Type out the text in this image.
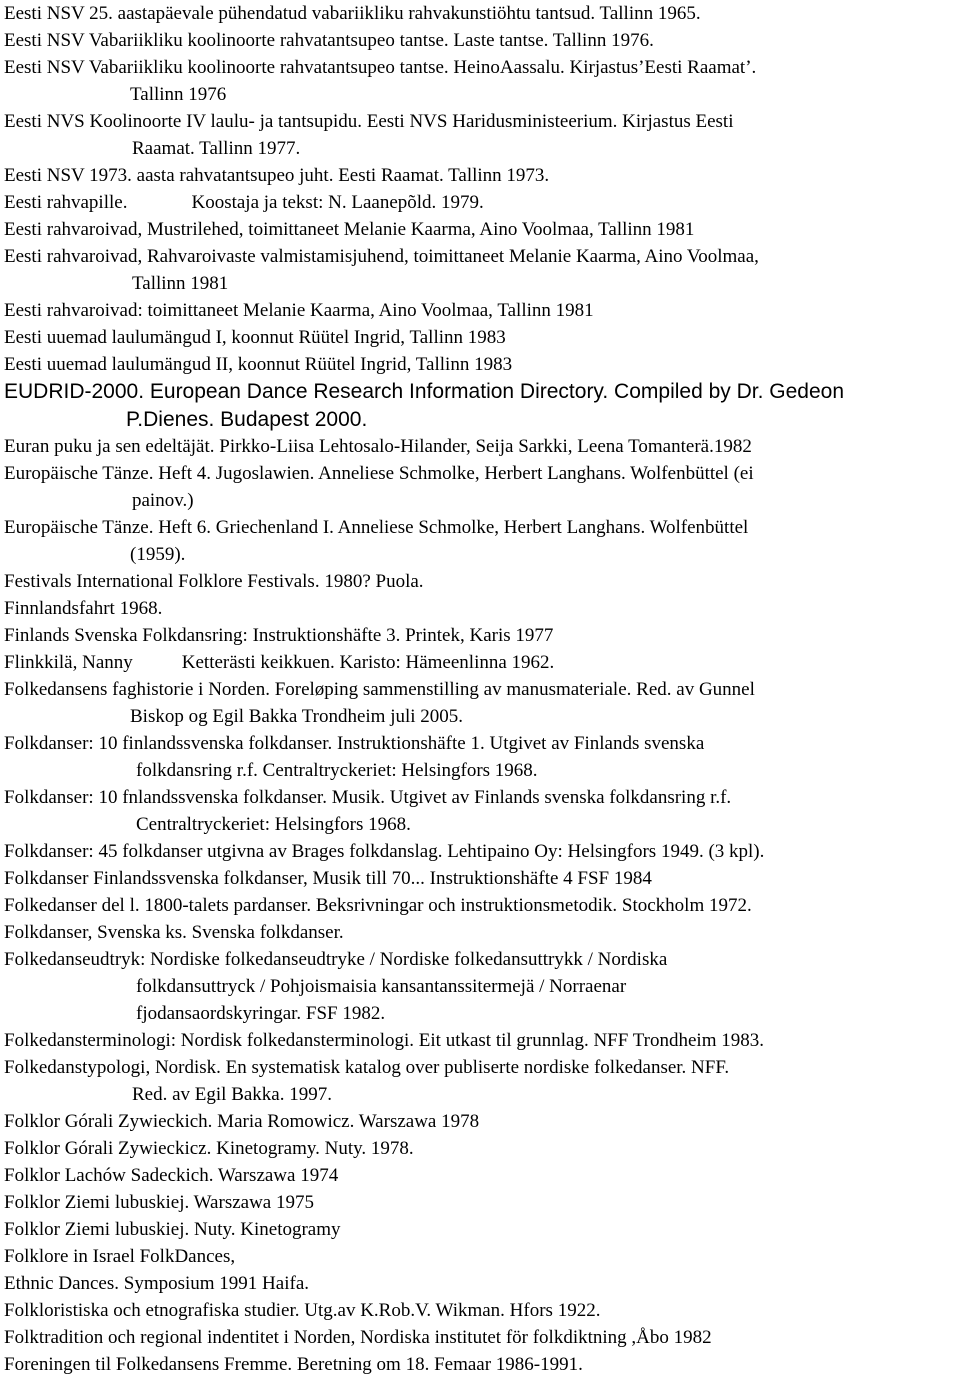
Eesti NSV 25. aastapäevale pühendatud vabariikliku rahvakunstiöhtu tantsud. Tallinn 1965.
Eesti NSV Vabariikliku koolinoorte rahvatantsupeo tantse. Laste tantse. Tallinn 1976.
Eesti NSV Vabariikliku koolinoorte rahvatantsupeo tantse. HeinoAassalu. Kirjastus’Eesti Raamat’.
Tallinn 1976
Eesti NVS Koolinoorte IV laulu- ja tantsupidu. Eesti NVS Haridusministeerium. Kirjastus Eesti
Raamat. Tallinn 1977.
Eesti NSV 1973. aasta rahvatantsupeo juht. Eesti Raamat. Tallinn 1973.
Eesti rahvapille.	Koostaja ja tekst: N. Laanepõld. 1979.
Eesti rahvaroivad, Mustrilehed, toimittaneet Melanie Kaarma, Aino Voolmaa, Tallinn 1981
Eesti rahvaroivad, Rahvaroivaste valmistamisjuhend, toimittaneet Melanie Kaarma, Aino Voolmaa,
Tallinn 1981
Eesti rahvaroivad: toimittaneet Melanie Kaarma, Aino Voolmaa, Tallinn 1981
Eesti uuemad laulumängud I, koonnut Rüütel Ingrid, Tallinn 1983
Eesti uuemad laulumängud II, koonnut Rüütel Ingrid, Tallinn 1983
EUDRID-2000. European Dance Research Information Directory. Compiled by Dr. Gedeon
P.Dienes. Budapest 2000.
Euran puku ja sen edeltäjät. Pirkko-Liisa Lehtosalo-Hilander, Seija Sarkki, Leena Tomanterä.1982
Europäische Tänze. Heft 4. Jugoslawien. Anneliese Schmolke, Herbert Langhans. Wolfenbüttel (ei
painov.)
Europäische Tänze. Heft 6. Griechenland I. Anneliese Schmolke, Herbert Langhans. Wolfenbüttel
(1959).
Festivals International Folklore Festivals. 1980? Puola.
Finnlandsfahrt 1968.
Finlands Svenska Folkdansring: Instruktionshäfte 3. Printek, Karis 1977
Flinkkilä, Nanny	Ketterästi keikkuen. Karisto: Hämeenlinna 1962.
Folkedansens faghistorie i Norden. Foreløping sammenstilling av manusmateriale. Red. av Gunnel
Biskop og Egil Bakka Trondheim juli 2005.
Folkdanser: 10 finlandssvenska folkdanser. Instruktionshäfte 1. Utgivet av Finlands svenska
folkdansring r.f. Centraltryckeriet: Helsingfors 1968.
Folkdanser: 10 fnlandssvenska folkdanser. Musik. Utgivet av Finlands svenska folkdansring r.f.
Centraltryckeriet: Helsingfors 1968.
Folkdanser: 45 folkdanser utgivna av Brages folkdanslag. Lehtipaino Oy: Helsingfors 1949. (3 kpl).
Folkdanser Finlandssvenska folkdanser, Musik till 70... Instruktionshäfte 4 FSF 1984
Folkedanser del l. 1800-talets pardanser. Beksrivningar och instruktionsmetodik. Stockholm 1972.
Folkdanser, Svenska ks. Svenska folkdanser.
Folkedanseudtryk: Nordiske folkedanseudtryke / Nordiske folkedansuttrykk / Nordiska
folkdansuttryck / Pohjoismaisia kansantanssitermejä / Norraenar
fjodansaordskyringar. FSF 1982.
Folkedansterminologi: Nordisk folkedansterminologi. Eit utkast til grunnlag. NFF Trondheim 1983.
Folkedanstypologi, Nordisk. En systematisk katalog over publiserte nordiske folkedanser. NFF.
Red. av Egil Bakka. 1997.
Folklor Górali Zywieckich. Maria Romowicz. Warszawa 1978
Folklor Górali Zywieckicz. Kinetogramy. Nuty. 1978.
Folklor Lachów Sadeckich. Warszawa 1974
Folklor Ziemi lubuskiej. Warszawa 1975
Folklor Ziemi lubuskiej. Nuty. Kinetogramy
Folklore in Israel FolkDances,
Ethnic Dances. Symposium 1991 Haifa.
Folkloristiska och etnografiska studier. Utg.av K.Rob.V. Wikman. Hfors 1922.
Folktradition och regional indentitet i Norden, Nordiska institutet för folkdiktning ,Åbo 1982
Foreningen til Folkedansens Fremme. Beretning om 18. Femaar 1986-1991.
